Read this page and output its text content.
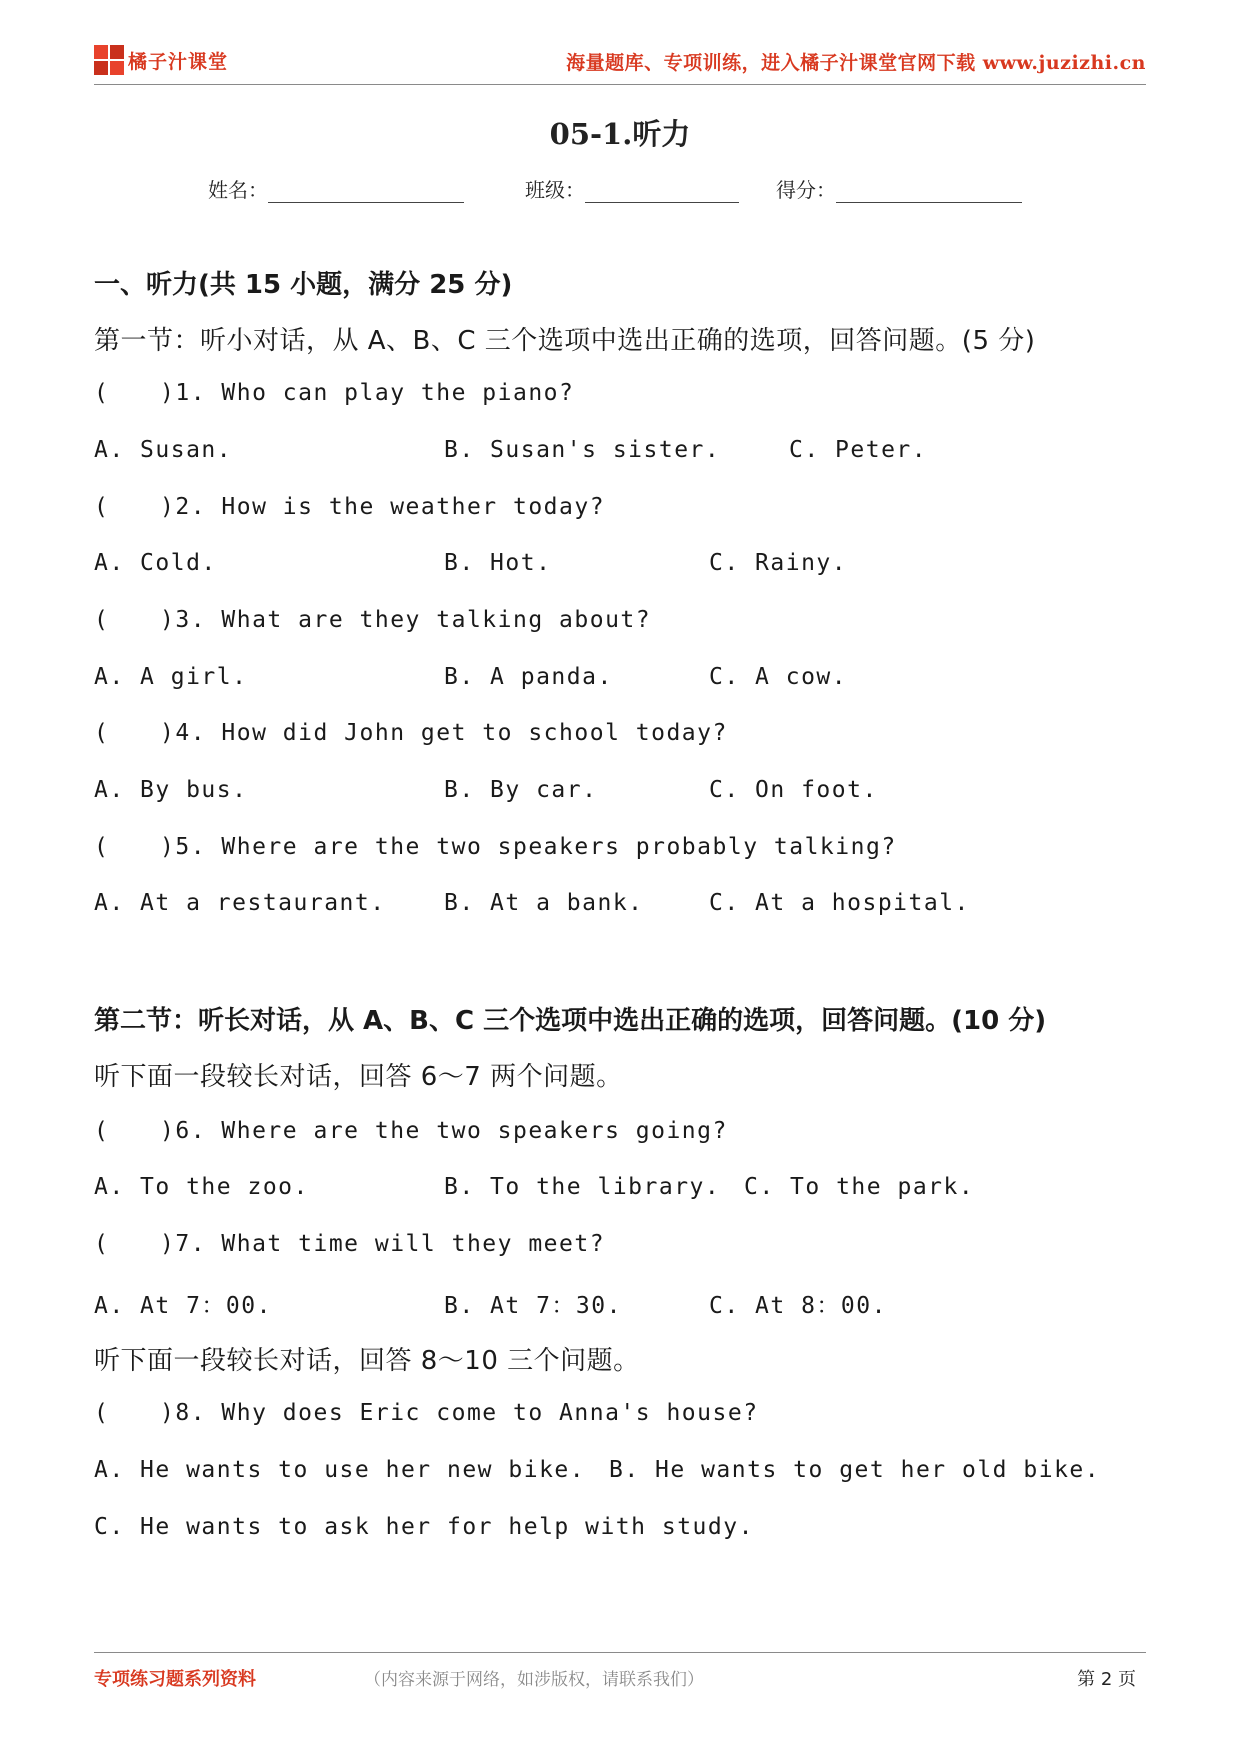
橘子汁课堂	海量题库、专项训练，进入橘子汁课堂官网下载 www.juzizhi.cn
05-1.听力
姓名：	班级：	得分：
一、听力(共 15 小题，满分 25 分)
第一节：听小对话，从 A、B、C 三个选项中选出正确的选项，回答问题。(5 分)
( )1. Who can play the piano?
A. Susan.	B. Susan's sister.	C. Peter.
( )2. How is the weather today?
A. Cold.	B. Hot.	C. Rainy.
( )3. What are they talking about?
A. A girl.	B. A panda.	C. A cow.
( )4. How did John get to school today?
A. By bus.	B. By car.	C. On foot.
( )5. Where are the two speakers probably talking?
A. At a restaurant.	B. At a bank.	C. At a hospital.
第二节：听长对话，从 A、B、C 三个选项中选出正确的选项，回答问题。(10 分)
听下面一段较长对话，回答 6～7 两个问题。
( )6. Where are the two speakers going?
A. To the zoo.	B. To the library. C. To the park.
( )7. What time will they meet?
A. At 7：00.	B. At 7：30.	C. At 8：00.
听下面一段较长对话，回答 8～10 三个问题。
( )8. Why does Eric come to Anna's house?
A. He wants to use her new bike. B. He wants to get her old bike.
C. He wants to ask her for help with study.
专项练习题系列资料	（内容来源于网络，如涉版权，请联系我们）	第 2 页
